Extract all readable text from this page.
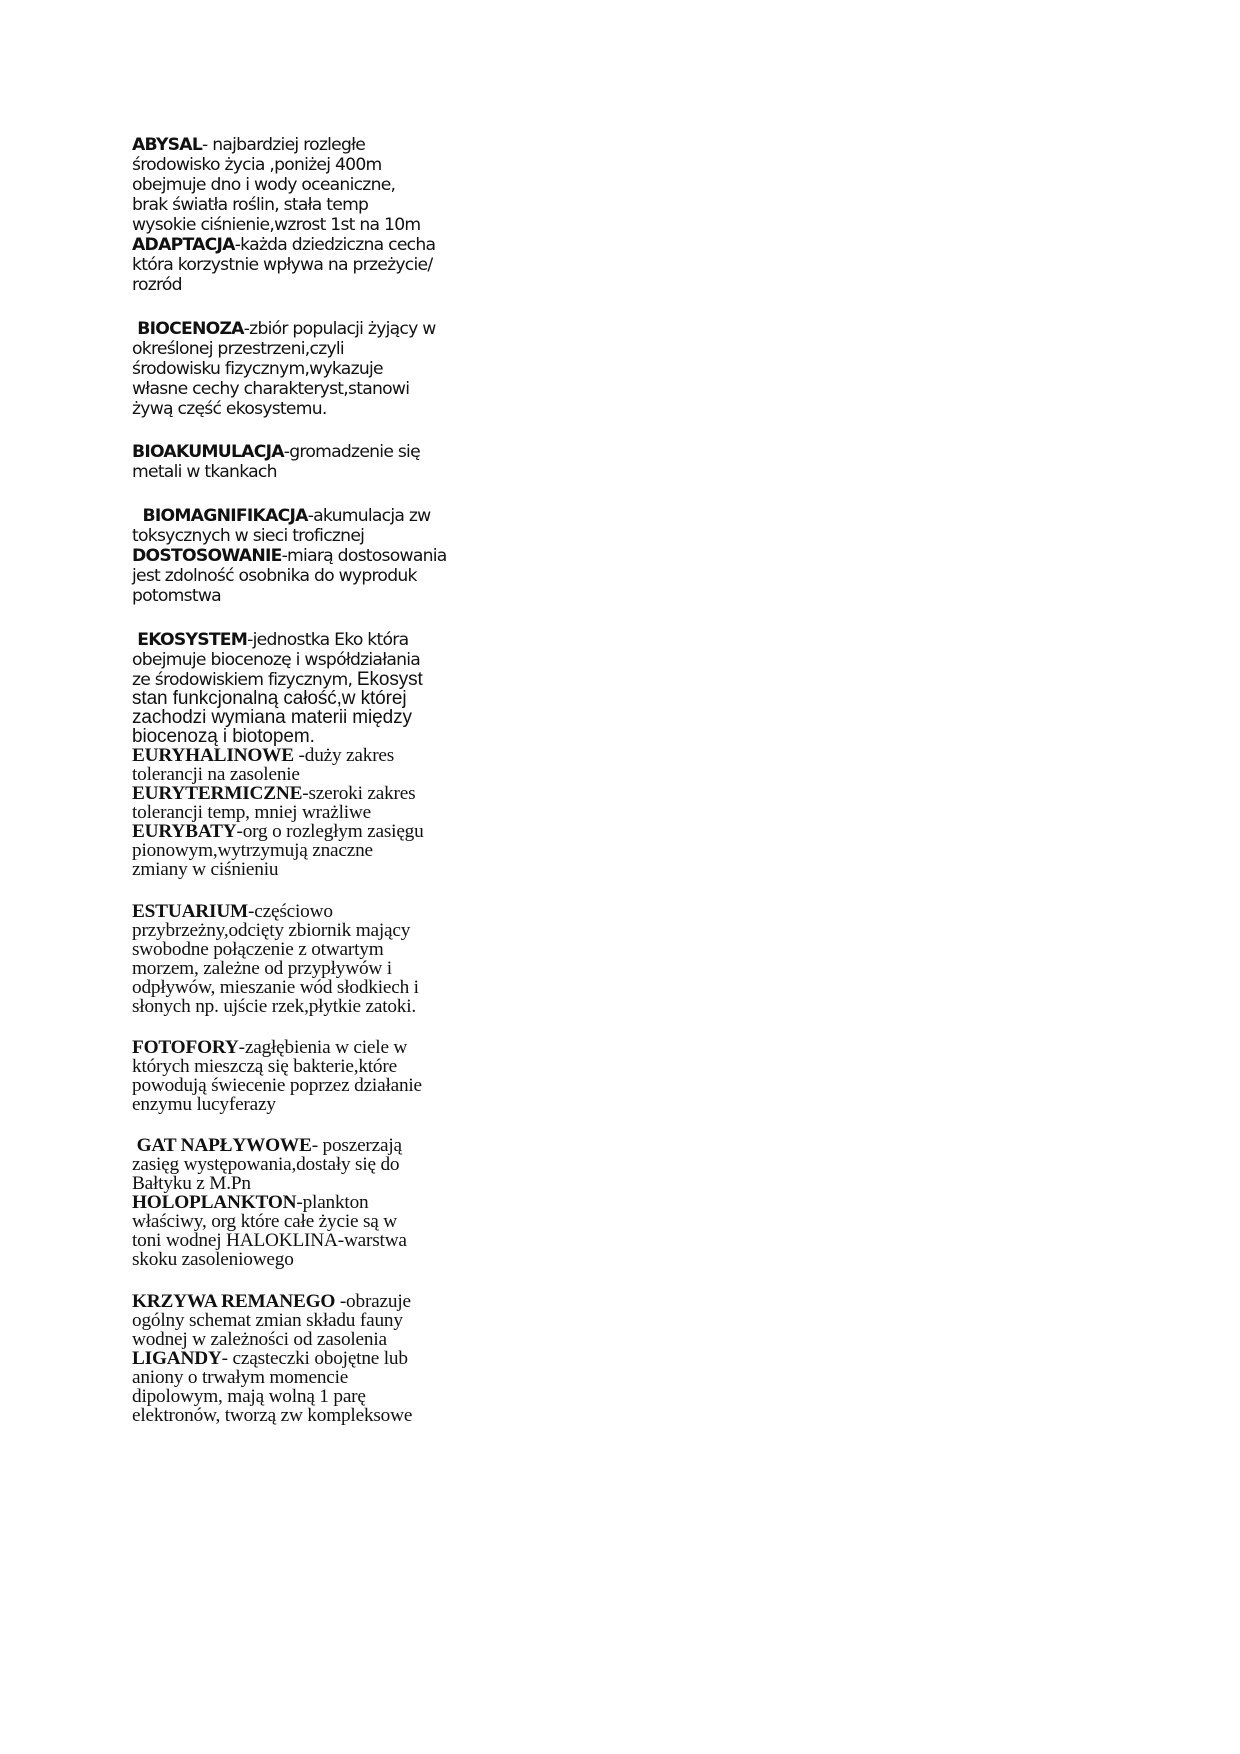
ABYSAL- najbardziej rozległe
środowisko życia ,poniżej 400m
obejmuje dno i wody oceaniczne,
brak światła roślin, stała temp
wysokie ciśnienie,wzrost 1st na 10m
ADAPTACJA-każda dziedziczna cecha
która korzystnie wpływa na przeżycie/
rozród
BIOCENOZA-zbiór populacji żyjący w
określonej przestrzeni,czyli
środowisku fizycznym,wykazuje
własne cechy charakteryst,stanowi
żywą część ekosystemu.
BIOAKUMULACJA-gromadzenie się
metali w tkankach
BIOMAGNIFIKACJA-akumulacja zw
toksycznych w sieci troficznej
DOSTOSOWANIE-miarą dostosowania
jest zdolność osobnika do wyproduk
potomstwa
EKOSYSTEM-jednostka Eko która
obejmuje biocenozę i współdziałania
ze środowiskiem fizycznym, Ekosyst
stan funkcjonalną całość,w której
zachodzi wymiana materii między
biocenozą i biotopem.
EURYHALINOWE -duży zakres
tolerancji na zasolenie
EURYTERMICZNE-szeroki zakres
tolerancji temp, mniej wrażliwe
EURYBATY-org o rozległym zasięgu
pionowym,wytrzymują znaczne
zmiany w ciśnieniu
ESTUARIUM-częściowo
przybrzeżny,odcięty zbiornik mający
swobodne połączenie z otwartym
morzem, zależne od przypływów i
odpływów, mieszanie wód słodkiech i
słonych np. ujście rzek,płytkie zatoki.
FOTOFORY-zagłębienia w ciele w
których mieszczą się bakterie,które
powodują świecenie poprzez działanie
enzymu lucyferazy
GAT NAPŁYWOWE- poszerzają
zasięg występowania,dostały się do
Bałtyku z M.Pn
HOLOPLANKTON-plankton
właściwy, org które całe życie są w
toni wodnej HALOKLINA-warstwa
skoku zasoleniowego
KRZYWA REMANEGO -obrazuje
ogólny schemat zmian składu fauny
wodnej w zależności od zasolenia
LIGANDY- cząsteczki obojętne lub
aniony o trwałym momencie
dipolowym, mają wolną 1 parę
elektronów, tworzą zw kompleksowe
